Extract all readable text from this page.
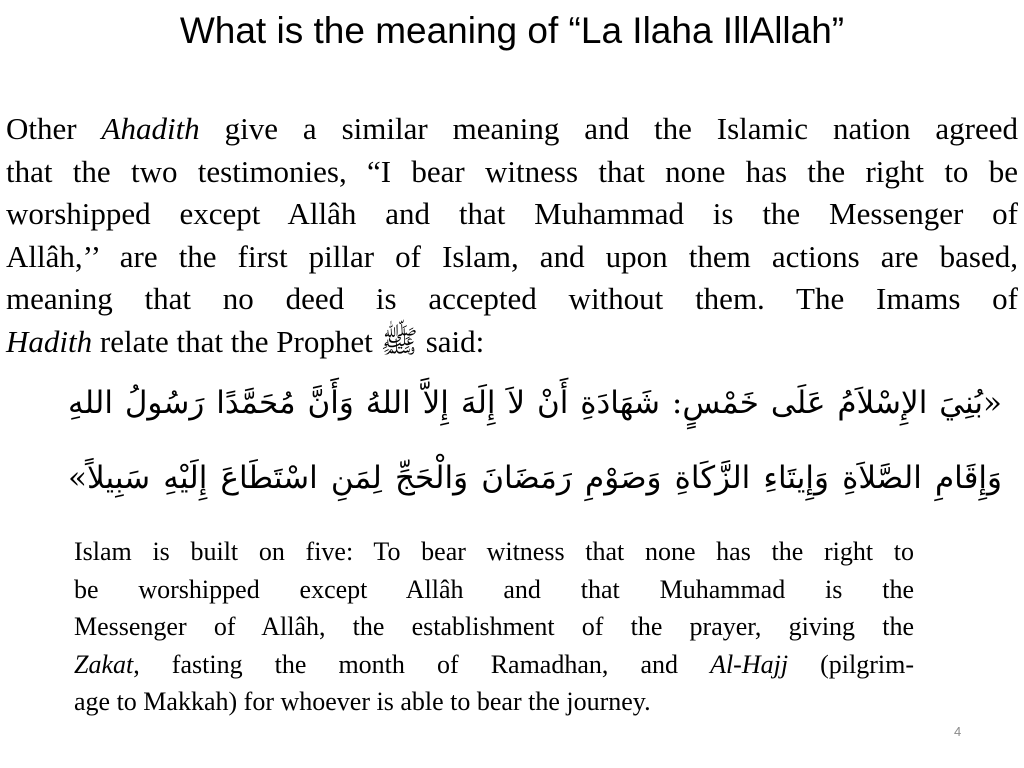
What is the meaning of “La Ilaha IllAllah”
Other Ahadith give a similar meaning and the Islamic nation agreed
that the two testimonies, “I bear witness that none has the right to be
worshipped except Allâh and that Muhammad is the Messenger of
Allâh,’’ are the first pillar of Islam, and upon them actions are based,
meaning that no deed is accepted without them. The Imams of
Hadith relate that the Prophet ﷺ said:
«بُنِيَ الإِسْلاَمُ عَلَى خَمْسٍ: شَهَادَةِ أَنْ لاَ إِلَهَ إِلاَّ اللهُ وَأَنَّ مُحَمَّدًا رَسُولُ اللهِ
وَإِقَامِ الصَّلاَةِ وَإِيتَاءِ الزَّكَاةِ وَصَوْمِ رَمَضَانَ وَالْحَجِّ لِمَنِ اسْتَطَاعَ إِلَيْهِ سَبِيلاً»
Islam is built on five: To bear witness that none has the right to
be worshipped except Allâh and that Muhammad is the
Messenger of Allâh, the establishment of the prayer, giving the
Zakat, fasting the month of Ramadhan, and Al-Hajj (pilgrim-
age to Makkah) for whoever is able to bear the journey.
4
